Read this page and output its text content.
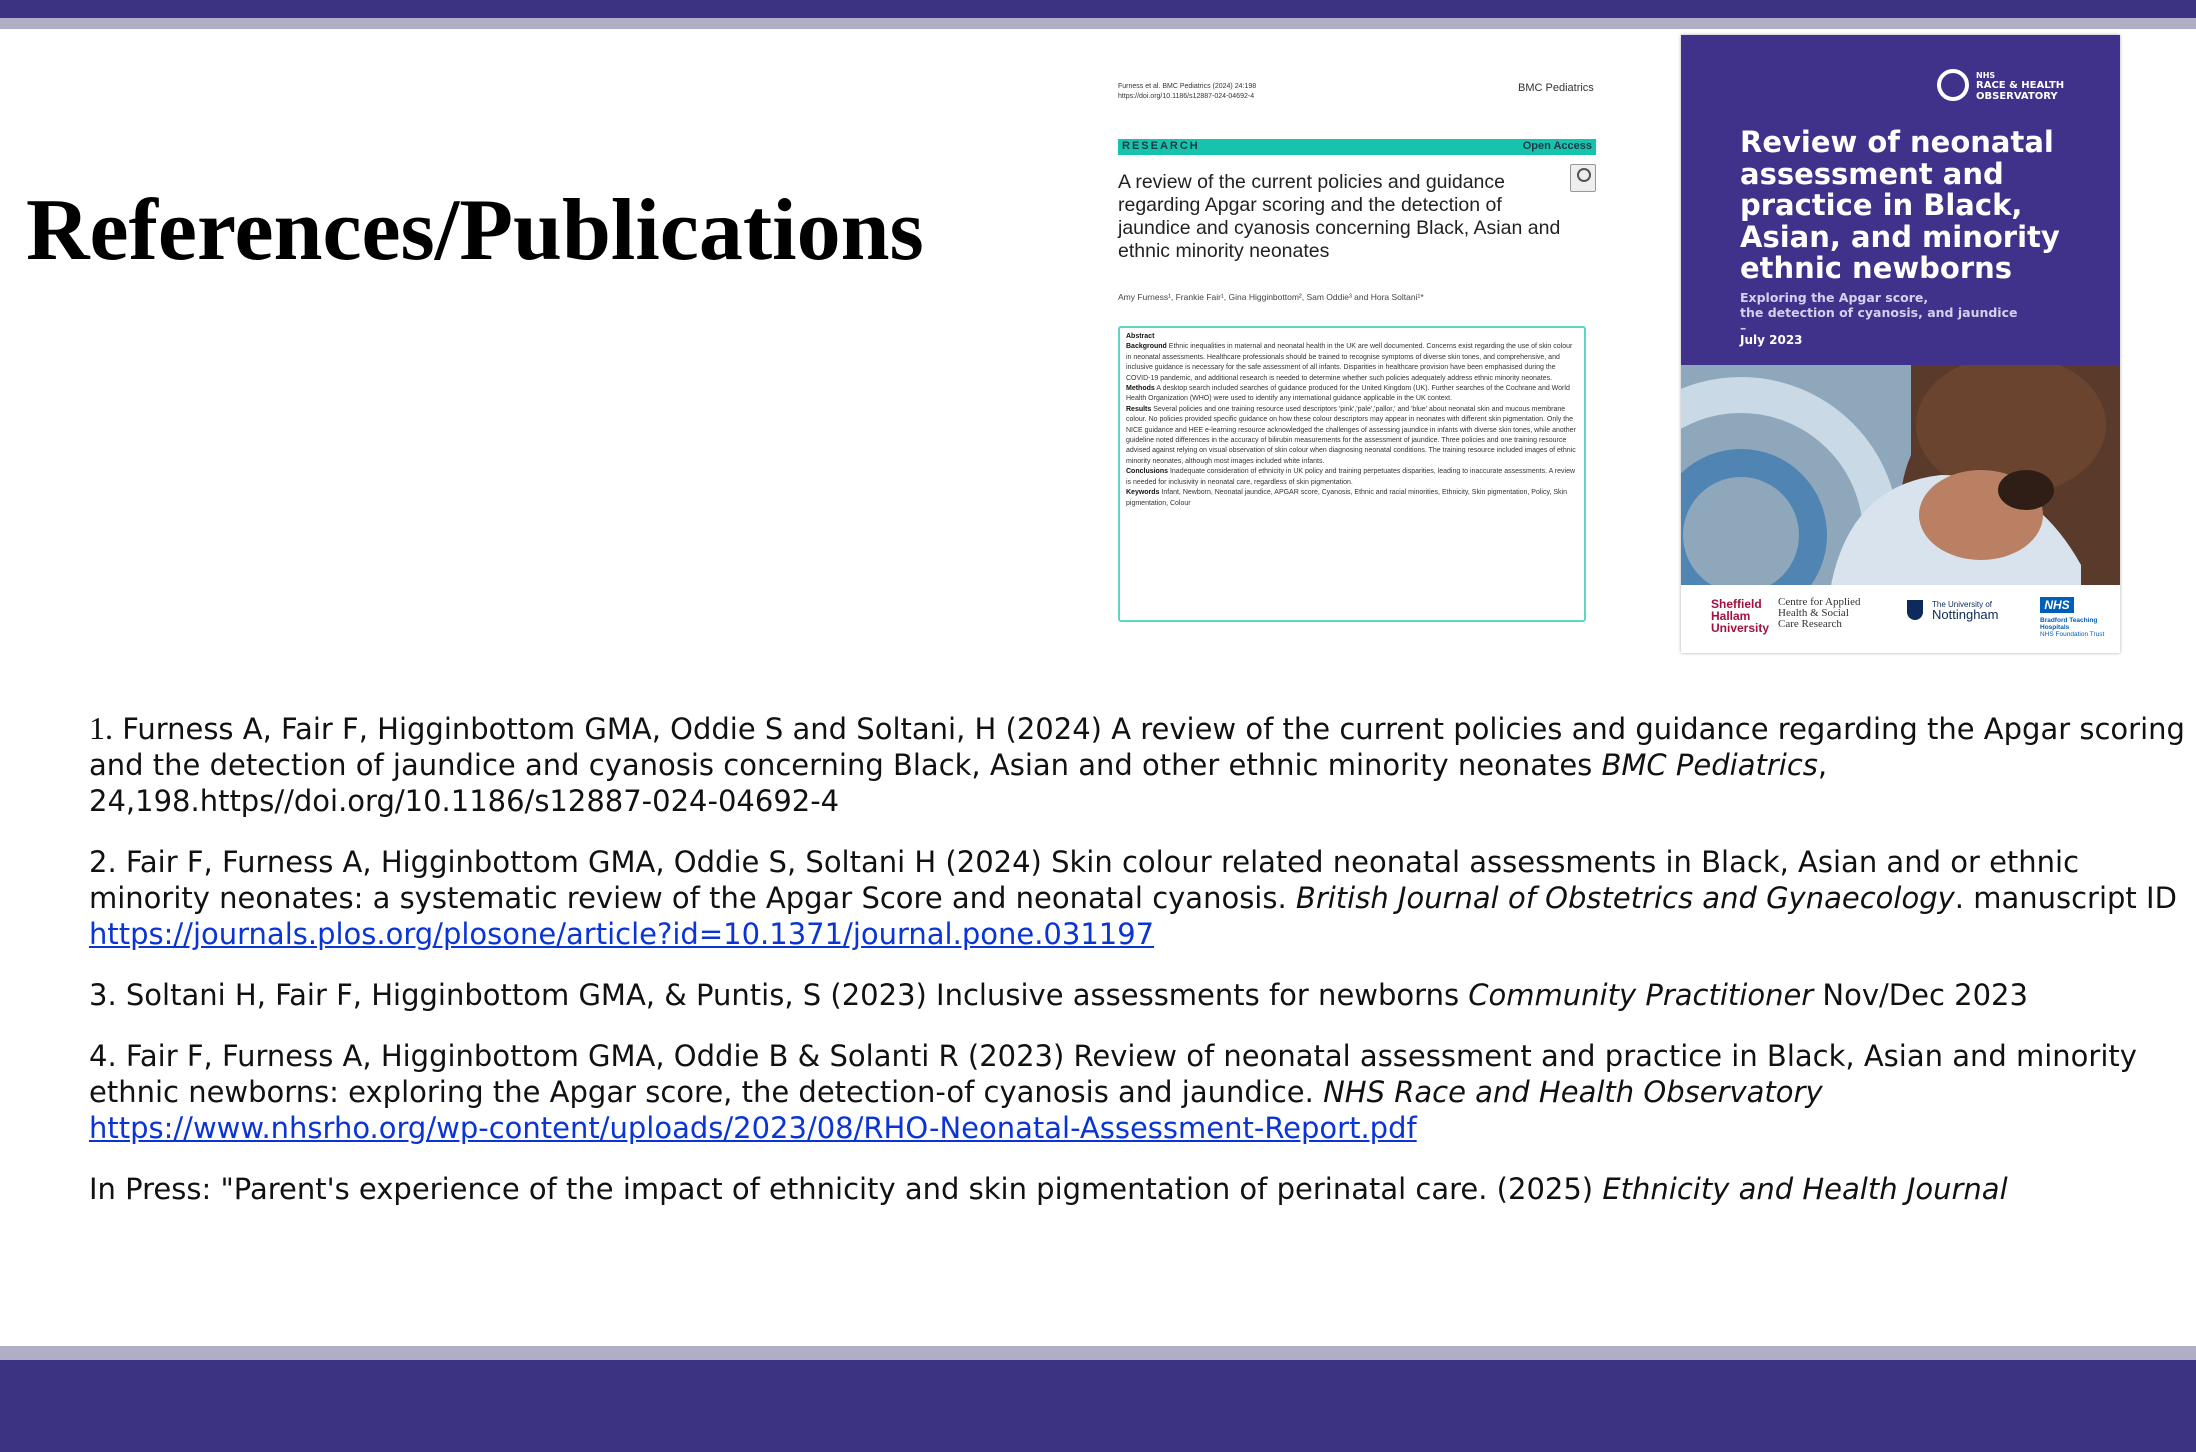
References/Publications
Furness et al. BMC Pediatrics (2024) 24:198
https://doi.org/10.1186/s12887-024-04692-4
BMC Pediatrics
RESEARCH	Open Access
A review of the current policies and guidance regarding Apgar scoring and the detection of jaundice and cyanosis concerning Black, Asian and ethnic minority neonates
Amy Furness¹, Frankie Fair¹, Gina Higginbottom², Sam Oddie³ and Hora Soltani¹*
Abstract
Background Ethnic inequalities in maternal and neonatal health in the UK are well documented. Concerns exist regarding the use of skin colour in neonatal assessments. Healthcare professionals should be trained to recognise symptoms of diverse skin tones, and comprehensive, and inclusive guidance is necessary for the safe assessment of all infants. Disparities in healthcare provision have been emphasised during the COVID-19 pandemic, and additional research is needed to determine whether such policies adequately address ethnic minority neonates.
Methods A desktop search included searches of guidance produced for the United Kingdom (UK). Further searches of the Cochrane and World Health Organization (WHO) were used to identify any international guidance applicable in the UK context.
Results Several policies and one training resource used descriptors 'pink','pale','pallor,' and 'blue' about neonatal skin and mucous membrane colour. No policies provided specific guidance on how these colour descriptors may appear in neonates with different skin pigmentation. Only the NICE guidance and HEE e-learning resource acknowledged the challenges of assessing jaundice in infants with diverse skin tones, while another guideline noted differences in the accuracy of bilirubin measurements for the assessment of jaundice. Three policies and one training resource advised against relying on visual observation of skin colour when diagnosing neonatal conditions. The training resource included images of ethnic minority neonates, although most images included white infants.
Conclusions Inadequate consideration of ethnicity in UK policy and training perpetuates disparities, leading to inaccurate assessments. A review is needed for inclusivity in neonatal care, regardless of skin pigmentation.
Keywords Infant, Newborn, Neonatal jaundice, APGAR score, Cyanosis, Ethnic and racial minorities, Ethnicity, Skin pigmentation, Policy, Skin pigmentation, Colour
NHS
RACE & HEALTH
OBSERVATORY
Review of neonatal assessment and practice in Black, Asian, and minority ethnic newborns
Exploring the Apgar score,
the detection of cyanosis, and jaundice
–
July 2023
Sheffield
Hallam
University
Centre for Applied
Health & Social
Care Research
The University of
Nottingham
NHS
Bradford Teaching
Hospitals
NHS Foundation Trust
1. Furness A, Fair F, Higginbottom GMA, Oddie S and Soltani, H (2024) A review of the current policies and guidance regarding the Apgar scoring and the detection of jaundice and cyanosis concerning Black, Asian and other ethnic minority neonates BMC Pediatrics, 24,198.https//doi.org/10.1186/s12887-024-04692-4
2. Fair F, Furness A, Higginbottom GMA, Oddie S, Soltani H (2024) Skin colour related neonatal assessments in Black, Asian and or ethnic minority neonates: a systematic review of the Apgar Score and neonatal cyanosis. British Journal of Obstetrics and Gynaecology. manuscript ID https://journals.plos.org/plosone/article?id=10.1371/journal.pone.031197
3. Soltani H, Fair F, Higginbottom GMA, & Puntis, S (2023) Inclusive assessments for newborns Community Practitioner Nov/Dec 2023
4. Fair F, Furness A, Higginbottom GMA, Oddie B & Solanti R (2023) Review of neonatal assessment and practice in Black, Asian and minority ethnic newborns: exploring the Apgar score, the detection-of cyanosis and jaundice. NHS Race and Health Observatory https://www.nhsrho.org/wp-content/uploads/2023/08/RHO-Neonatal-Assessment-Report.pdf
In Press: "Parent's experience of the impact of ethnicity and skin pigmentation of perinatal care. (2025) Ethnicity and Health Journal
